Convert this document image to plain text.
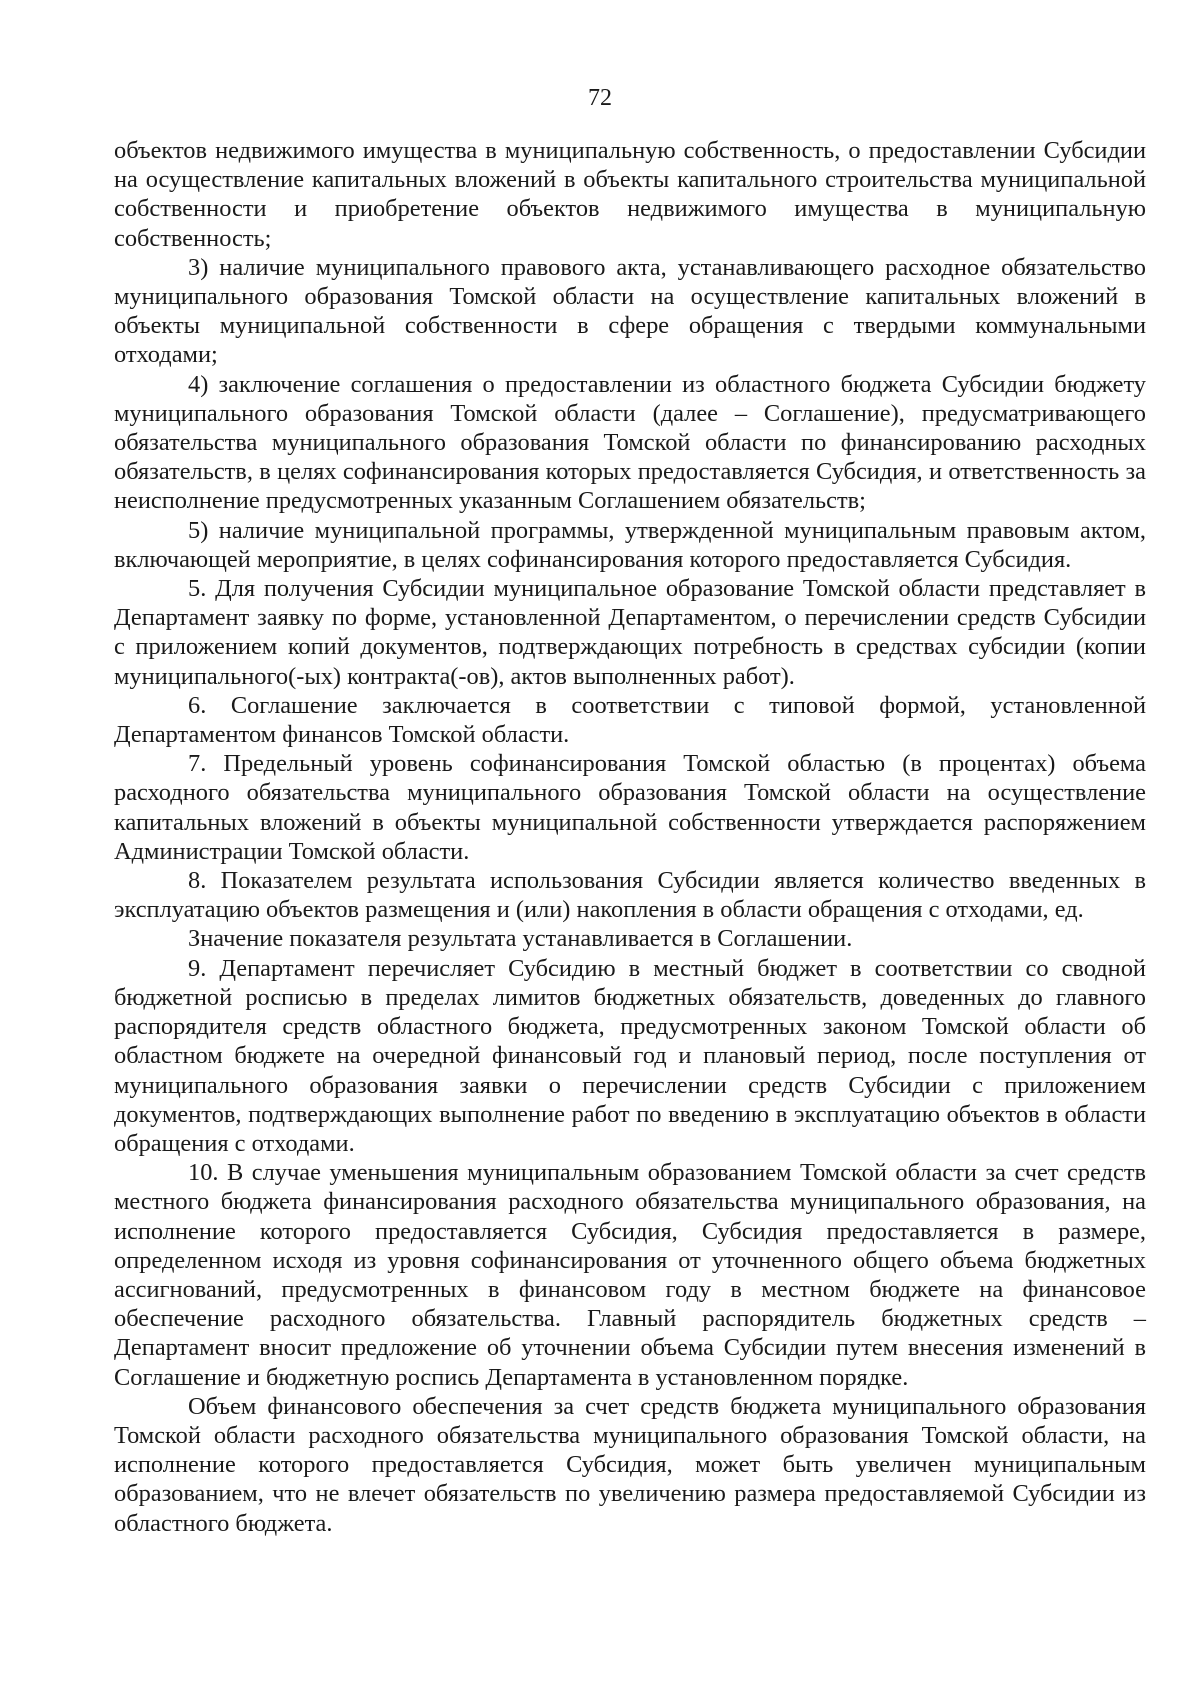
72

объектов недвижимого имущества в муниципальную собственность, о предоставлении Субсидии на осуществление капитальных вложений в объекты капитального строительства муниципальной собственности и приобретение объектов недвижимого имущества в муниципальную собственность;

3) наличие муниципального правового акта, устанавливающего расходное обязательство муниципального образования Томской области на осуществление капитальных вложений в объекты муниципальной собственности в сфере обращения с твердыми коммунальными отходами;

4) заключение соглашения о предоставлении из областного бюджета Субсидии бюджету муниципального образования Томской области (далее – Соглашение), предусматривающего обязательства муниципального образования Томской области по финансированию расходных обязательств, в целях софинансирования которых предоставляется Субсидия, и ответственность за неисполнение предусмотренных указанным Соглашением обязательств;

5) наличие муниципальной программы, утвержденной муниципальным правовым актом, включающей мероприятие, в целях софинансирования которого предоставляется Субсидия.

5. Для получения Субсидии муниципальное образование Томской области представляет в Департамент заявку по форме, установленной Департаментом, о перечислении средств Субсидии с приложением копий документов, подтверждающих потребность в средствах субсидии (копии муниципального(-ых) контракта(-ов), актов выполненных работ).

6. Соглашение заключается в соответствии с типовой формой, установленной Департаментом финансов Томской области.

7. Предельный уровень софинансирования Томской областью (в процентах) объема расходного обязательства муниципального образования Томской области на осуществление капитальных вложений в объекты муниципальной собственности утверждается распоряжением Администрации Томской области.

8. Показателем результата использования Субсидии является количество введенных в эксплуатацию объектов размещения и (или) накопления в области обращения с отходами, ед.

Значение показателя результата устанавливается в Соглашении.

9. Департамент перечисляет Субсидию в местный бюджет в соответствии со сводной бюджетной росписью в пределах лимитов бюджетных обязательств, доведенных до главного распорядителя средств областного бюджета, предусмотренных законом Томской области об областном бюджете на очередной финансовый год и плановый период, после поступления от муниципального образования заявки о перечислении средств Субсидии с приложением документов, подтверждающих выполнение работ по введению в эксплуатацию объектов в области обращения с отходами.

10. В случае уменьшения муниципальным образованием Томской области за счет средств местного бюджета финансирования расходного обязательства муниципального образования, на исполнение которого предоставляется Субсидия, Субсидия предоставляется в размере, определенном исходя из уровня софинансирования от уточненного общего объема бюджетных ассигнований, предусмотренных в финансовом году в местном бюджете на финансовое обеспечение расходного обязательства. Главный распорядитель бюджетных средств – Департамент вносит предложение об уточнении объема Субсидии путем внесения изменений в Соглашение и бюджетную роспись Департамента в установленном порядке.

Объем финансового обеспечения за счет средств бюджета муниципального образования Томской области расходного обязательства муниципального образования Томской области, на исполнение которого предоставляется Субсидия, может быть увеличен муниципальным образованием, что не влечет обязательств по увеличению размера предоставляемой Субсидии из областного бюджета.
